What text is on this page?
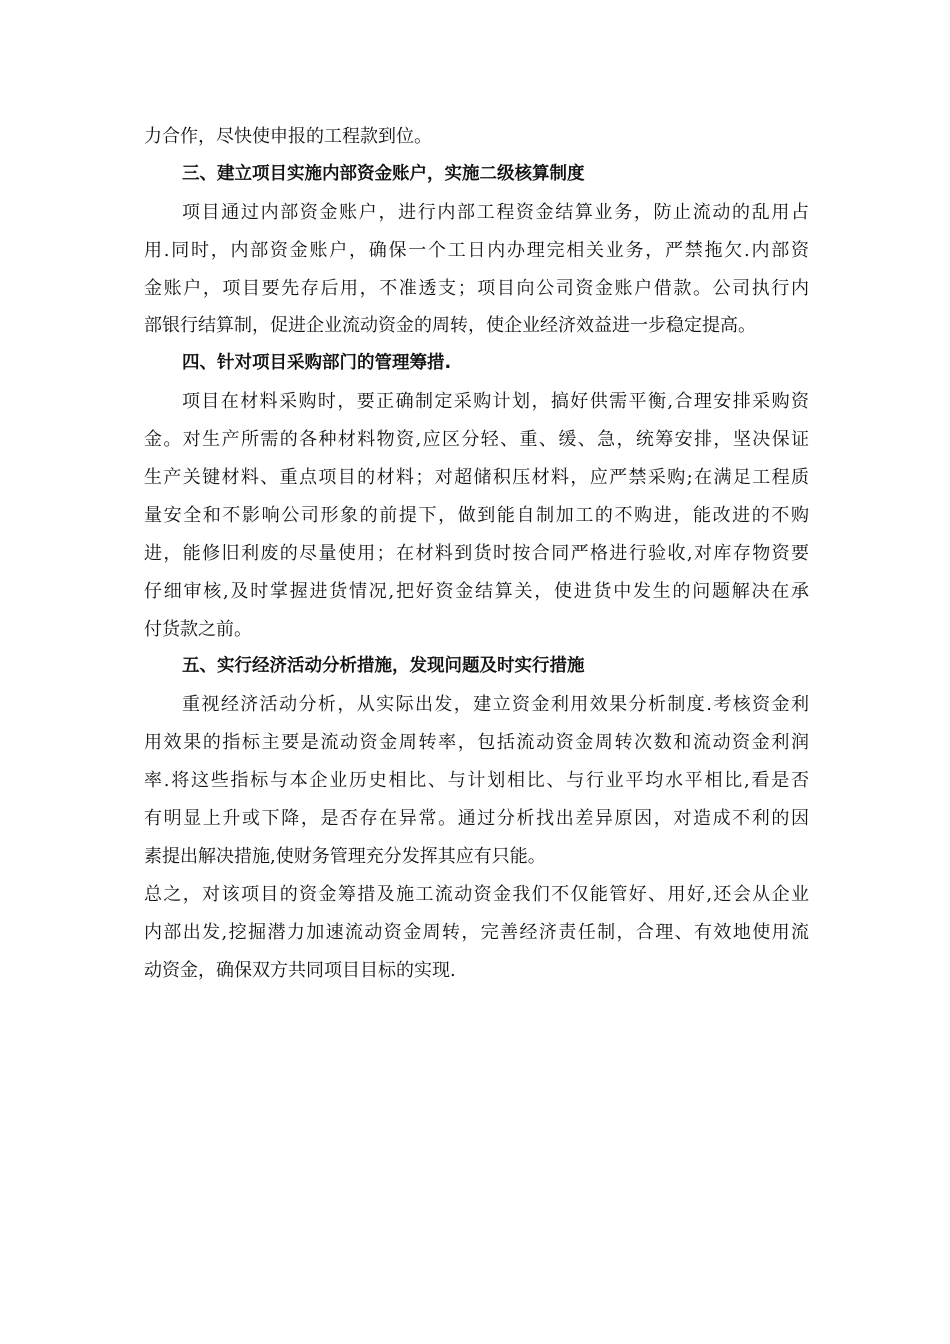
力合作，尽快使申报的工程款到位。
三、建立项目实施内部资金账户，实施二级核算制度
项目通过内部资金账户，进行内部工程资金结算业务，防止流动的乱用占
用.同时，内部资金账户，确保一个工日内办理完相关业务，严禁拖欠.内部资
金账户，项目要先存后用，不准透支；项目向公司资金账户借款。公司执行内
部银行结算制，促进企业流动资金的周转，使企业经济效益进一步稳定提高。
四、针对项目采购部门的管理筹措.
项目在材料采购时，要正确制定采购计划，搞好供需平衡,合理安排采购资
金。对生产所需的各种材料物资,应区分轻、重、缓、急，统筹安排，坚决保证
生产关键材料、重点项目的材料；对超储积压材料，应严禁采购;在满足工程质
量安全和不影响公司形象的前提下，做到能自制加工的不购进，能改进的不购
进，能修旧利废的尽量使用；在材料到货时按合同严格进行验收,对库存物资要
仔细审核,及时掌握进货情况,把好资金结算关，使进货中发生的问题解决在承
付货款之前。
五、实行经济活动分析措施，发现问题及时实行措施
重视经济活动分析，从实际出发，建立资金利用效果分析制度.考核资金利
用效果的指标主要是流动资金周转率，包括流动资金周转次数和流动资金利润
率.将这些指标与本企业历史相比、与计划相比、与行业平均水平相比,看是否
有明显上升或下降，是否存在异常。通过分析找出差异原因，对造成不利的因
素提出解决措施,使财务管理充分发挥其应有只能。
总之，对该项目的资金筹措及施工流动资金我们不仅能管好、用好,还会从企业
内部出发,挖掘潜力加速流动资金周转，完善经济责任制，合理、有效地使用流
动资金，确保双方共同项目目标的实现.
